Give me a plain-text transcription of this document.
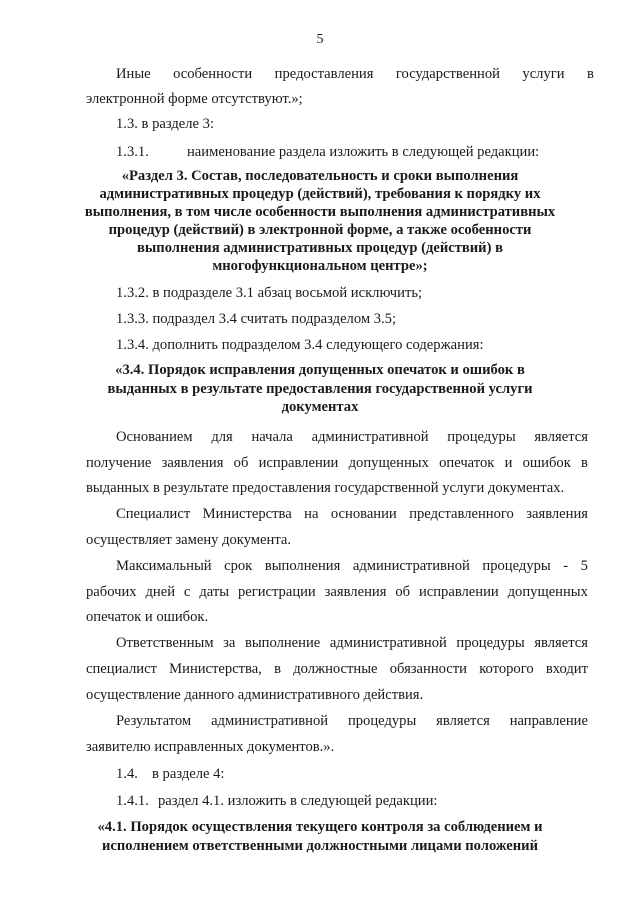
5
Иные особенности предоставления государственной услуги в
электронной форме отсутствуют.»;
1.3. в разделе 3:
1.3.1.	наименование раздела изложить в следующей редакции:
«Раздел 3. Состав, последовательность и сроки выполнения
административных процедур (действий), требования к порядку их
выполнения, в том числе особенности выполнения административных
процедур (действий) в электронной форме, а также особенности
выполнения административных процедур (действий) в
многофункциональном центре»;
1.3.2. в подразделе 3.1 абзац восьмой исключить;
1.3.3. подраздел 3.4 считать подразделом 3.5;
1.3.4. дополнить подразделом 3.4 следующего содержания:
«3.4. Порядок исправления допущенных опечаток и ошибок в
выданных в результате предоставления государственной услуги
документах
Основанием для начала административной процедуры является
получение заявления об исправлении допущенных опечаток и ошибок в
выданных в результате предоставления государственной услуги документах.
Специалист Министерства на основании представленного заявления
осуществляет замену документа.
Максимальный срок выполнения административной процедуры - 5
рабочих дней с даты регистрации заявления об исправлении допущенных
опечаток и ошибок.
Ответственным за выполнение административной процедуры является
специалист Министерства, в должностные обязанности которого входит
осуществление данного административного действия.
Результатом административной процедуры является направление
заявителю исправленных документов.».
1.4. в разделе 4:
1.4.1. раздел 4.1. изложить в следующей редакции:
«4.1. Порядок осуществления текущего контроля за соблюдением и
исполнением ответственными должностными лицами положений
